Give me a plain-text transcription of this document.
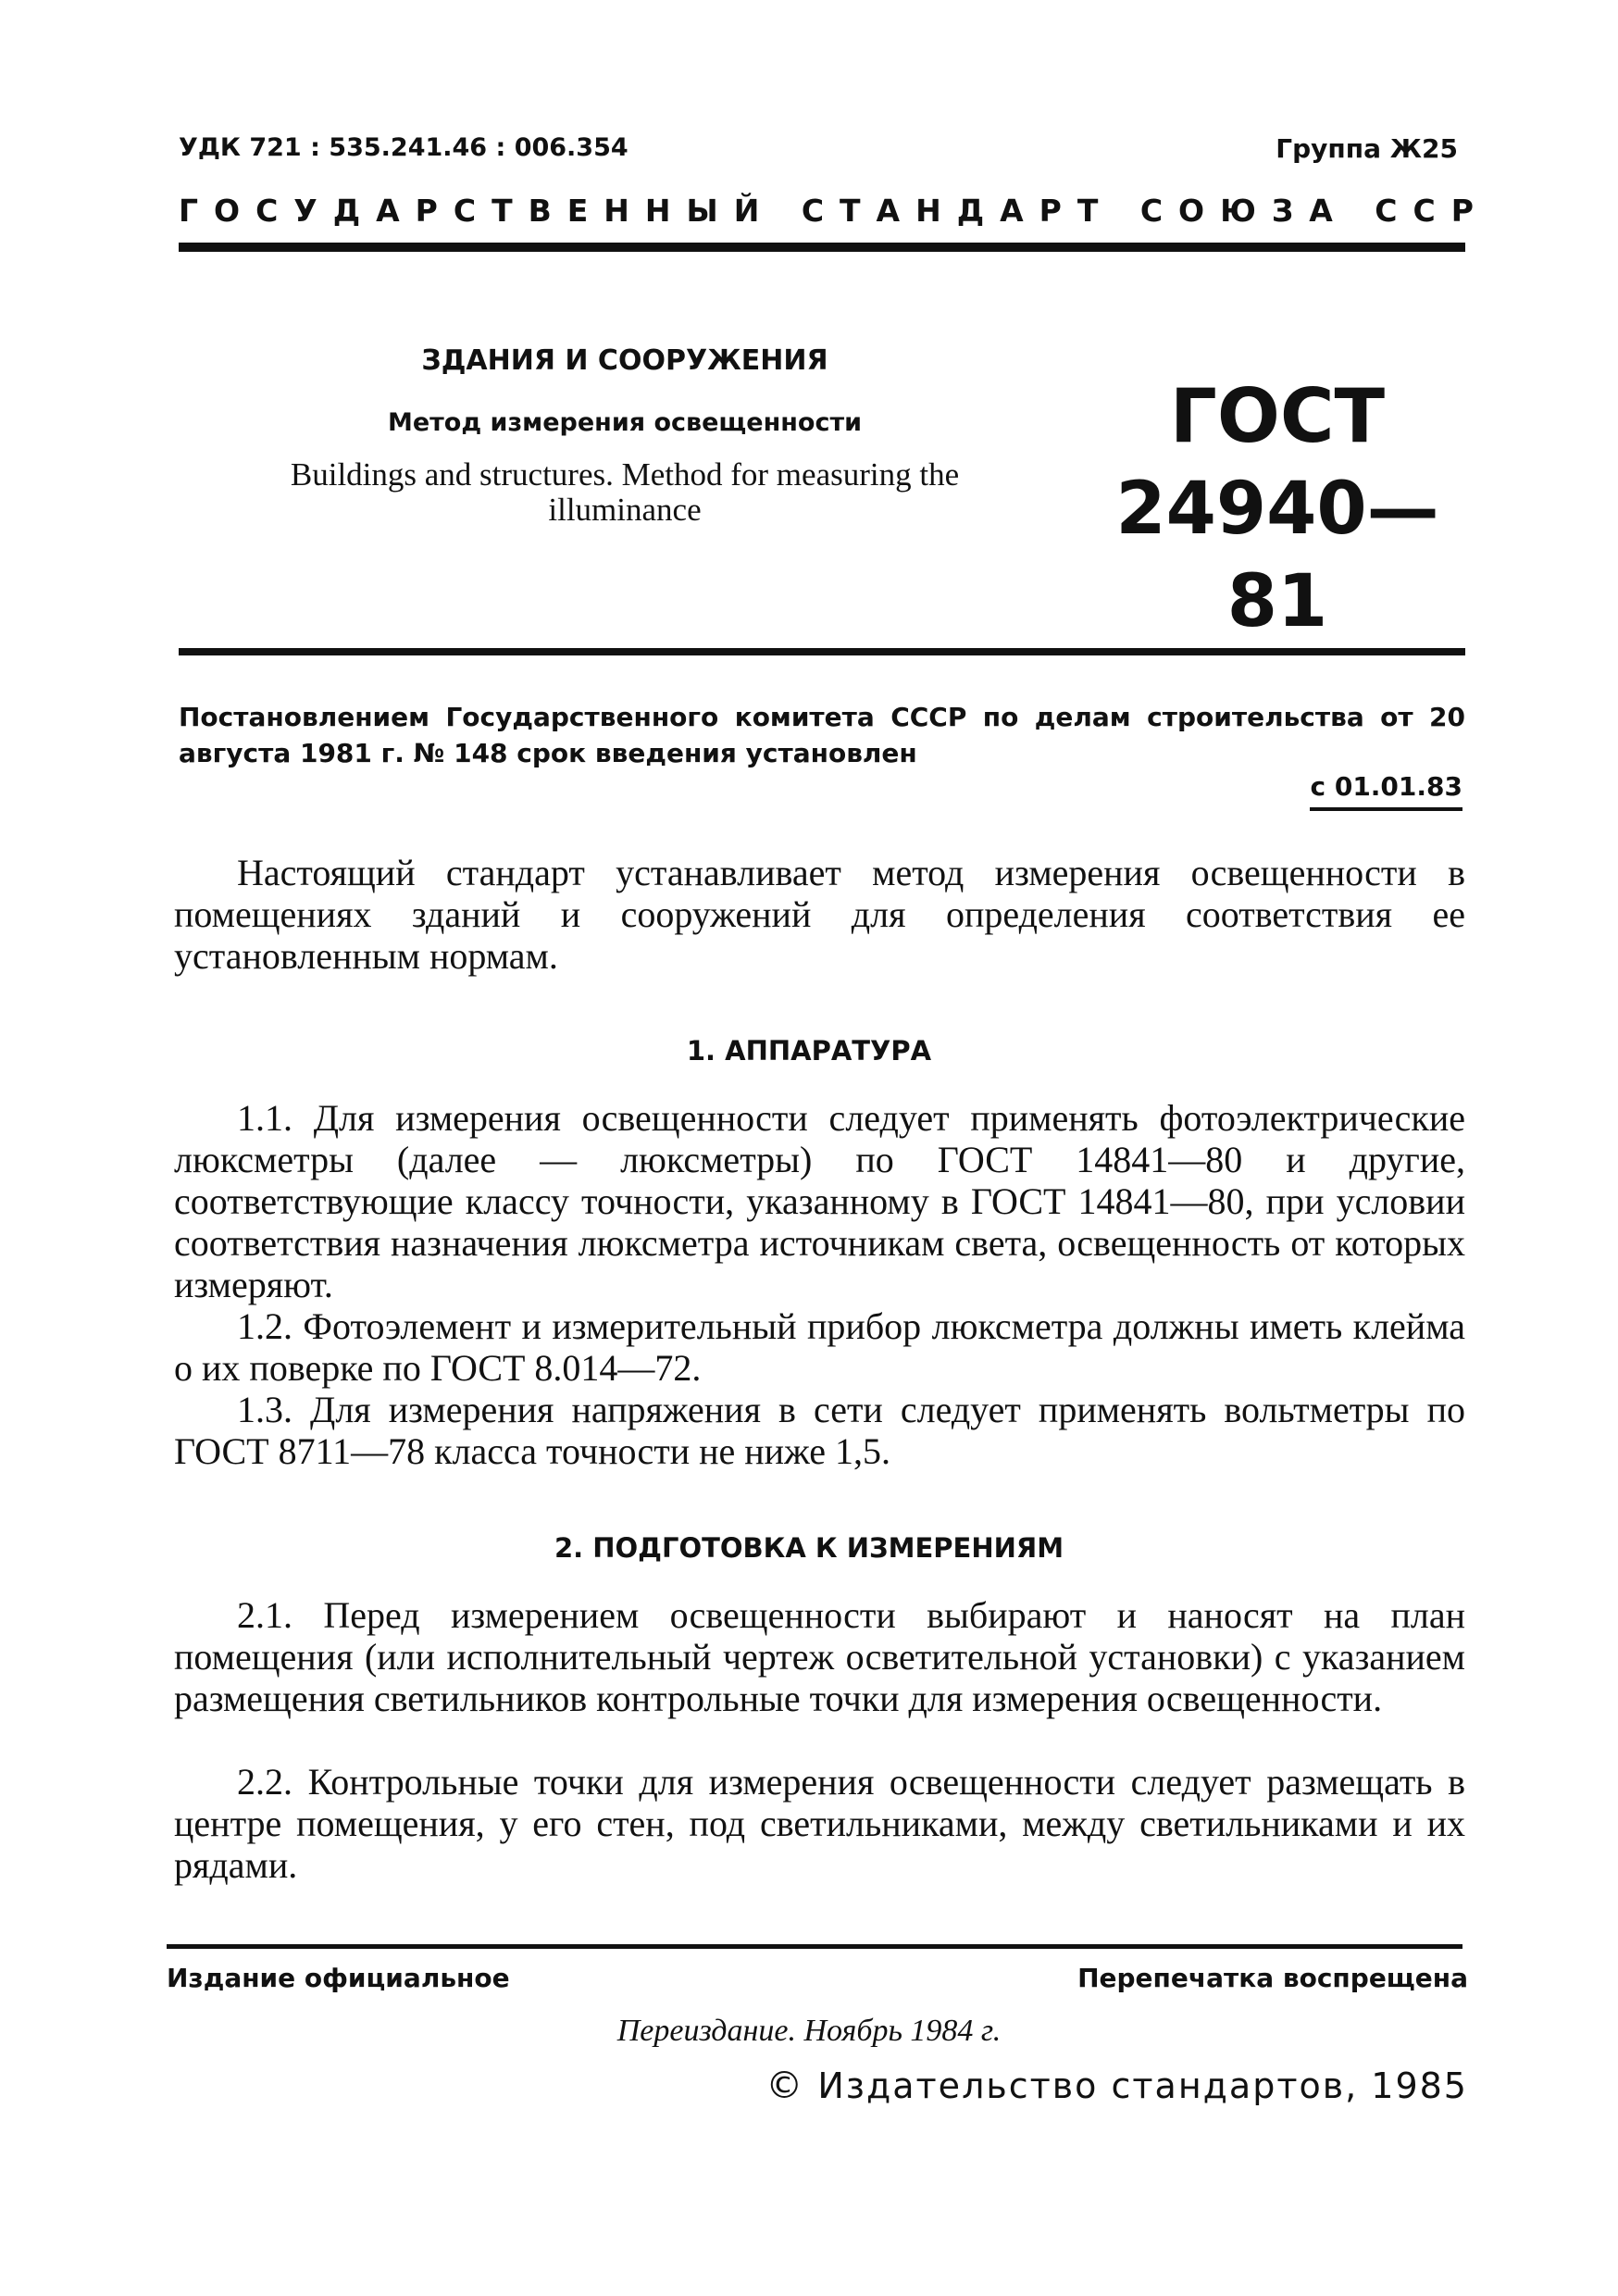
УДК 721 : 535.241.46 : 006.354	Группа Ж25
ГОСУДАРСТВЕННЫЙ СТАНДАРТ СОЮЗА ССР
ЗДАНИЯ И СООРУЖЕНИЯ
Метод измерения освещенности
Buildings and structures. Method for measuring the illuminance
ГОСТ
24940—81
Постановлением Государственного комитета СССР по делам строительства от 20 августа 1981 г. № 148 срок введения установлен
с 01.01.83
Настоящий стандарт устанавливает метод измерения освещенности в помещениях зданий и сооружений для определения соответствия ее установленным нормам.
1. АППАРАТУРА
1.1. Для измерения освещенности следует применять фотоэлектрические люксметры (далее — люксметры) по ГОСТ 14841—80 и другие, соответствующие классу точности, указанному в ГОСТ 14841—80, при условии соответствия назначения люксметра источникам света, освещенность от которых измеряют.
1.2. Фотоэлемент и измерительный прибор люксметра должны иметь клейма о их поверке по ГОСТ 8.014—72.
1.3. Для измерения напряжения в сети следует применять вольтметры по ГОСТ 8711—78 класса точности не ниже 1,5.
2. ПОДГОТОВКА К ИЗМЕРЕНИЯМ
2.1. Перед измерением освещенности выбирают и наносят на план помещения (или исполнительный чертеж осветительной установки) с указанием размещения светильников контрольные точки для измерения освещенности.
2.2. Контрольные точки для измерения освещенности следует размещать в центре помещения, у его стен, под светильниками, между светильниками и их рядами.
Издание официальное	Перепечатка воспрещена
Переиздание. Ноябрь 1984 г.
© Издательство стандартов, 1985
